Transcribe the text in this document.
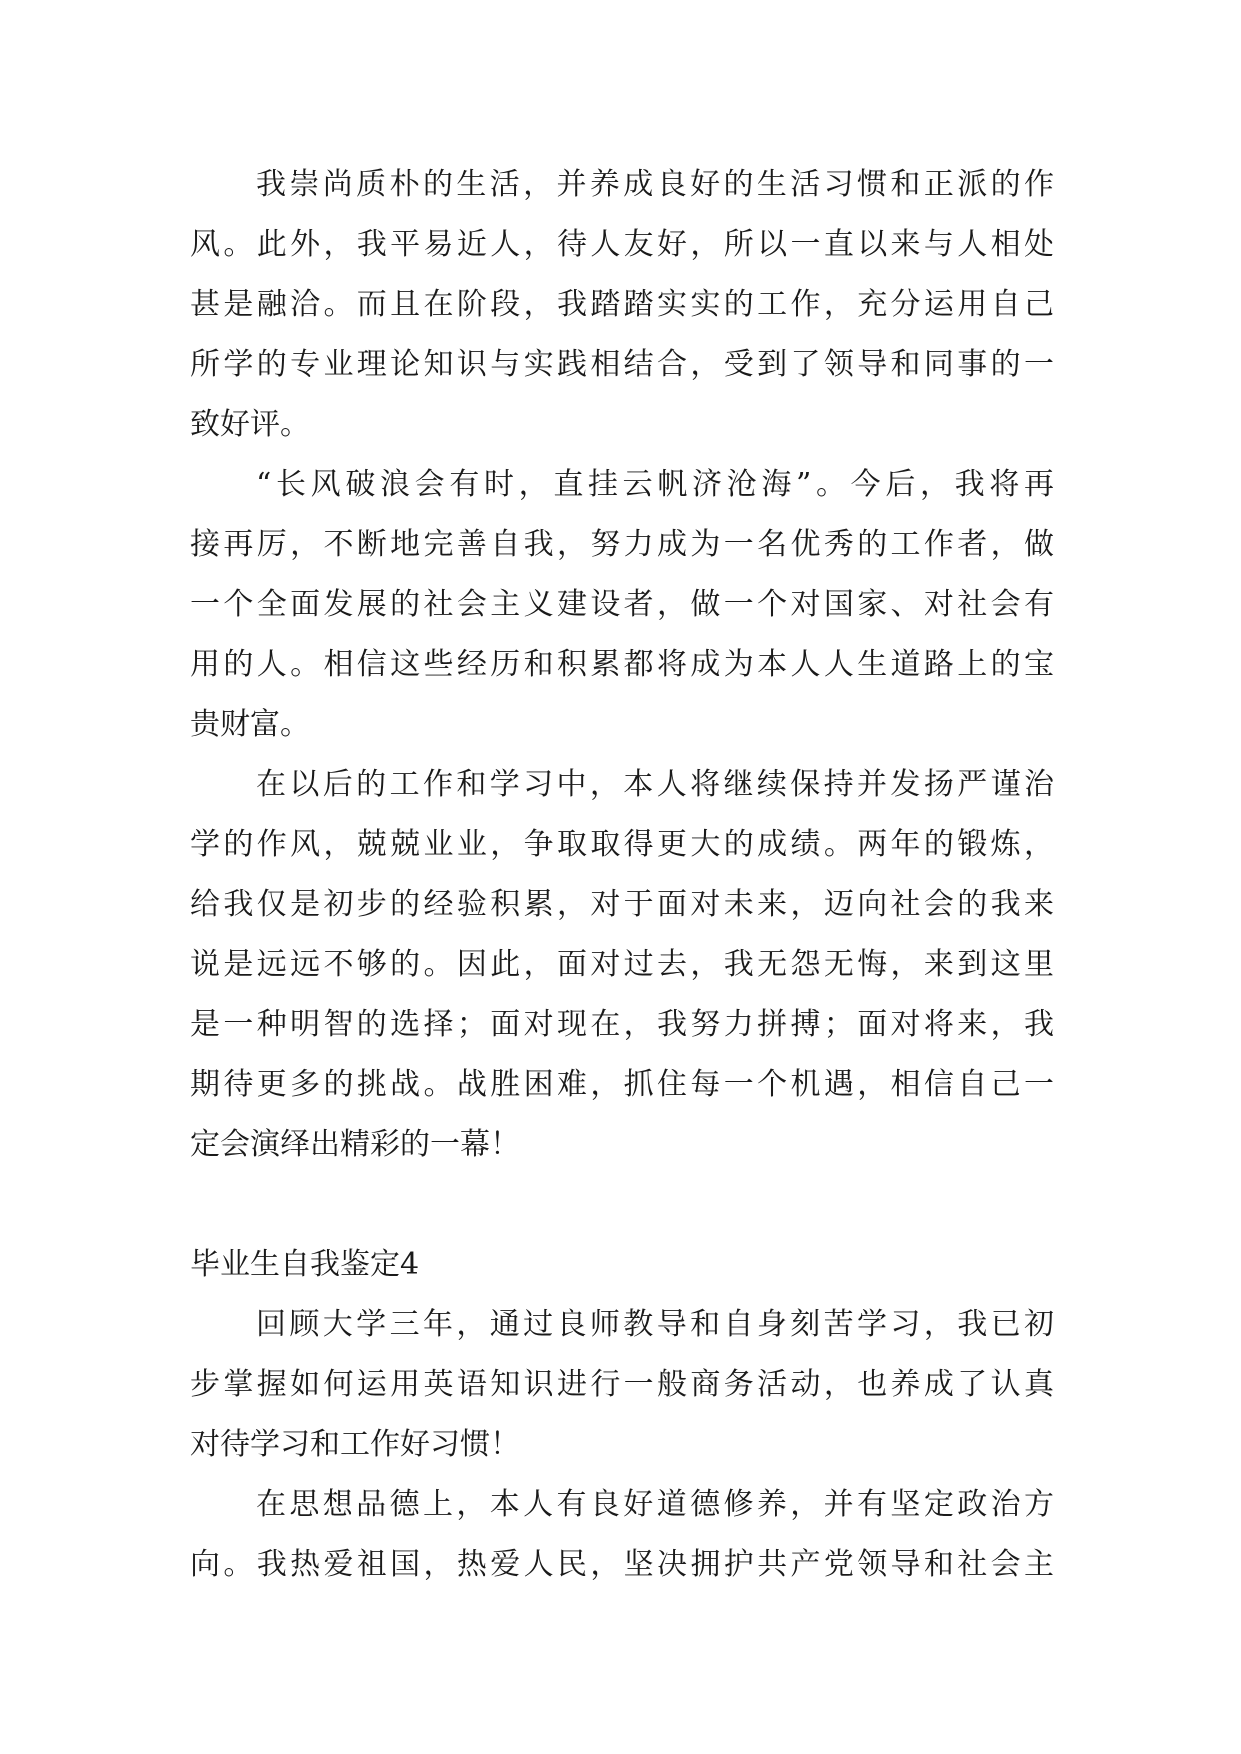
我崇尚质朴的生活，并养成良好的生活习惯和正派的作
风。此外，我平易近人，待人友好，所以一直以来与人相处
甚是融洽。而且在阶段，我踏踏实实的工作，充分运用自己
所学的专业理论知识与实践相结合，受到了领导和同事的一
致好评。
“长风破浪会有时，直挂云帆济沧海”。今后，我将再
接再厉，不断地完善自我，努力成为一名优秀的工作者，做
一个全面发展的社会主义建设者，做一个对国家、对社会有
用的人。相信这些经历和积累都将成为本人人生道路上的宝
贵财富。
在以后的工作和学习中，本人将继续保持并发扬严谨治
学的作风，兢兢业业，争取取得更大的成绩。两年的锻炼，
给我仅是初步的经验积累，对于面对未来，迈向社会的我来
说是远远不够的。因此，面对过去，我无怨无悔，来到这里
是一种明智的选择；面对现在，我努力拼搏；面对将来，我
期待更多的挑战。战胜困难，抓住每一个机遇，相信自己一
定会演绎出精彩的一幕！
毕业生自我鉴定4
回顾大学三年，通过良师教导和自身刻苦学习，我已初
步掌握如何运用英语知识进行一般商务活动，也养成了认真
对待学习和工作好习惯！
在思想品德上，本人有良好道德修养，并有坚定政治方
向。我热爱祖国，热爱人民，坚决拥护共产党领导和社会主
